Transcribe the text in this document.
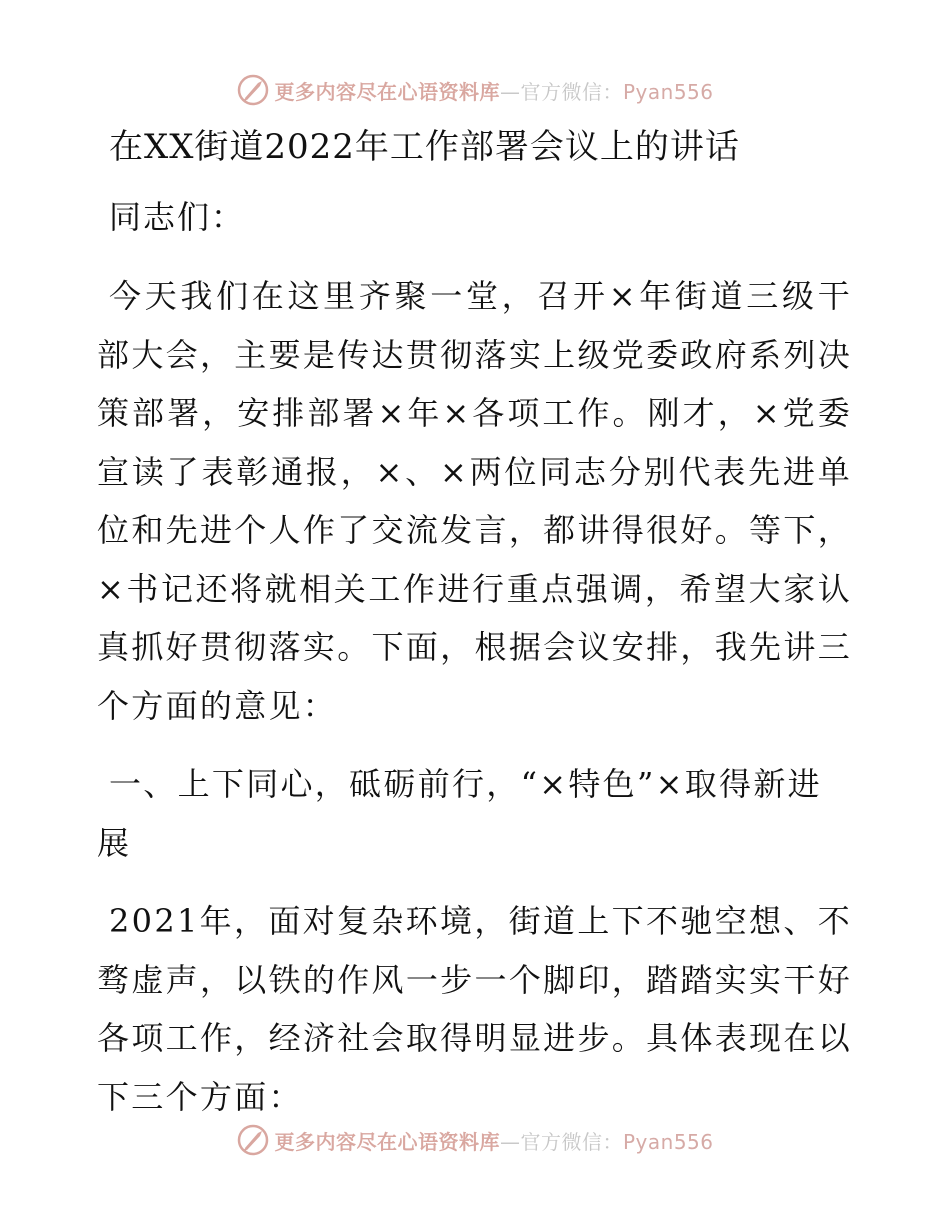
更多内容尽在心语资料库—官方微信：Pyan556
在XX街道2022年工作部署会议上的讲话
同志们：
今天我们在这里齐聚一堂，召开×年街道三级干部大会，主要是传达贯彻落实上级党委政府系列决策部署，安排部署×年×各项工作。刚才，×党委宣读了表彰通报，×、×两位同志分别代表先进单位和先进个人作了交流发言，都讲得很好。等下，×书记还将就相关工作进行重点强调，希望大家认真抓好贯彻落实。下面，根据会议安排，我先讲三个方面的意见：
一、上下同心，砥砺前行，“×特色”×取得新进展
2021年，面对复杂环境，街道上下不驰空想、不骛虚声，以铁的作风一步一个脚印，踏踏实实干好各项工作，经济社会取得明显进步。具体表现在以下三个方面：
更多内容尽在心语资料库—官方微信：Pyan556
